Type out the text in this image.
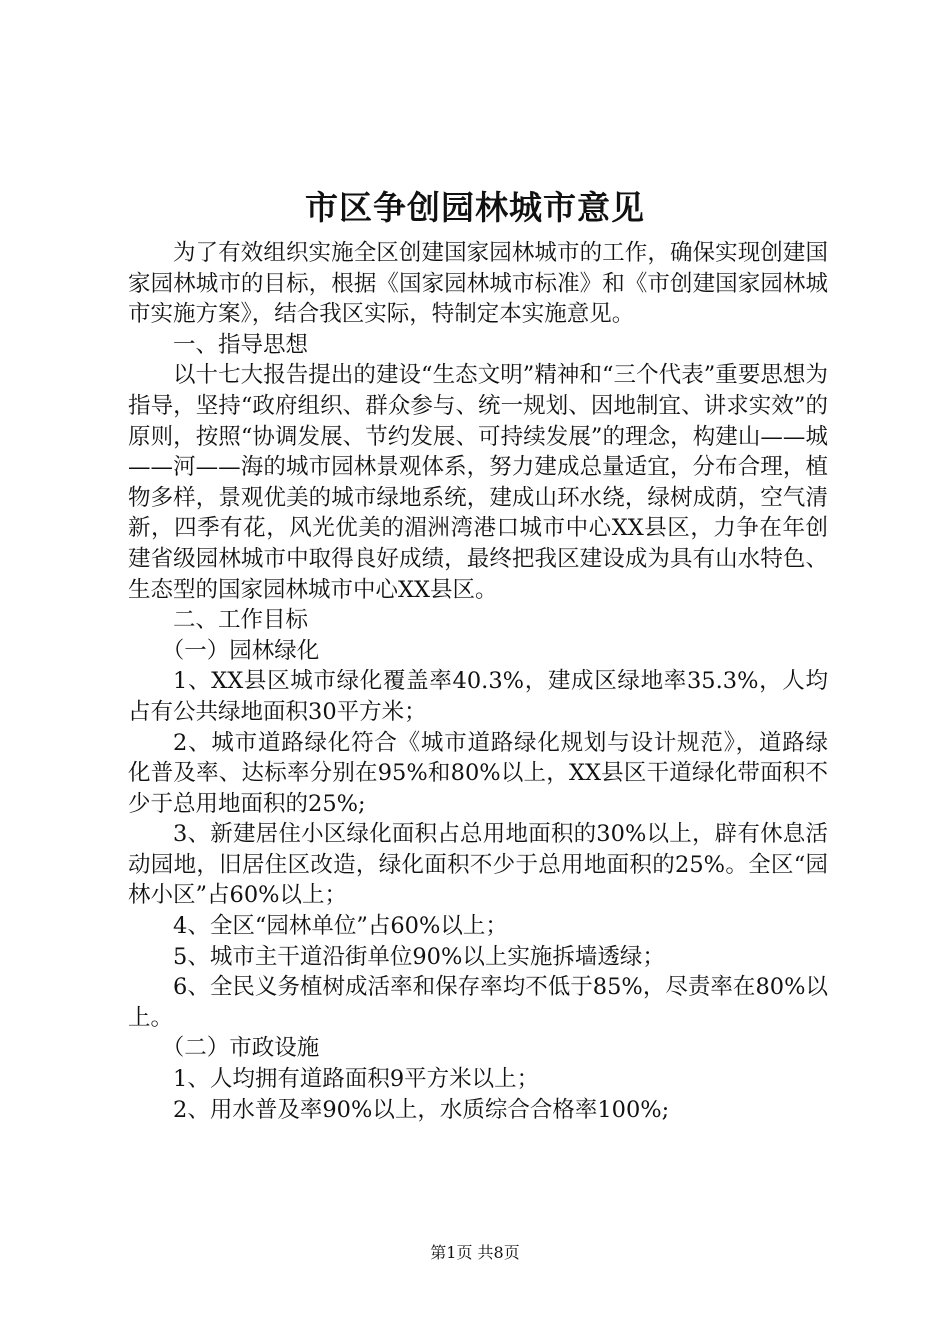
市区争创园林城市意见

为了有效组织实施全区创建国家园林城市的工作，确保实现创建国家园林城市的目标，根据《国家园林城市标准》和《市创建国家园林城市实施方案》，结合我区实际，特制定本实施意见。

一、指导思想

以十七大报告提出的建设“生态文明”精神和“三个代表”重要思想为指导，坚持“政府组织、群众参与、统一规划、因地制宜、讲求实效”的原则，按照“协调发展、节约发展、可持续发展”的理念，构建山——城——河——海的城市园林景观体系，努力建成总量适宜，分布合理，植物多样，景观优美的城市绿地系统，建成山环水绕，绿树成荫，空气清新，四季有花，风光优美的湄洲湾港口城市中心XX县区，力争在年创建省级园林城市中取得良好成绩，最终把我区建设成为具有山水特色、生态型的国家园林城市中心XX县区。

二、工作目标

（一）园林绿化

1、XX县区城市绿化覆盖率40.3%，建成区绿地率35.3%，人均占有公共绿地面积30平方米；

2、城市道路绿化符合《城市道路绿化规划与设计规范》，道路绿化普及率、达标率分别在95%和80%以上，XX县区干道绿化带面积不少于总用地面积的25%;

3、新建居住小区绿化面积占总用地面积的30%以上，辟有休息活动园地，旧居住区改造，绿化面积不少于总用地面积的25%。全区“园林小区”占60%以上；

4、全区“园林单位”占60%以上；

5、城市主干道沿街单位90%以上实施拆墙透绿；

6、全民义务植树成活率和保存率均不低于85%，尽责率在80%以上。

（二）市政设施

1、人均拥有道路面积9平方米以上；

2、用水普及率90%以上，水质综合合格率100%;

第1页 共8页
